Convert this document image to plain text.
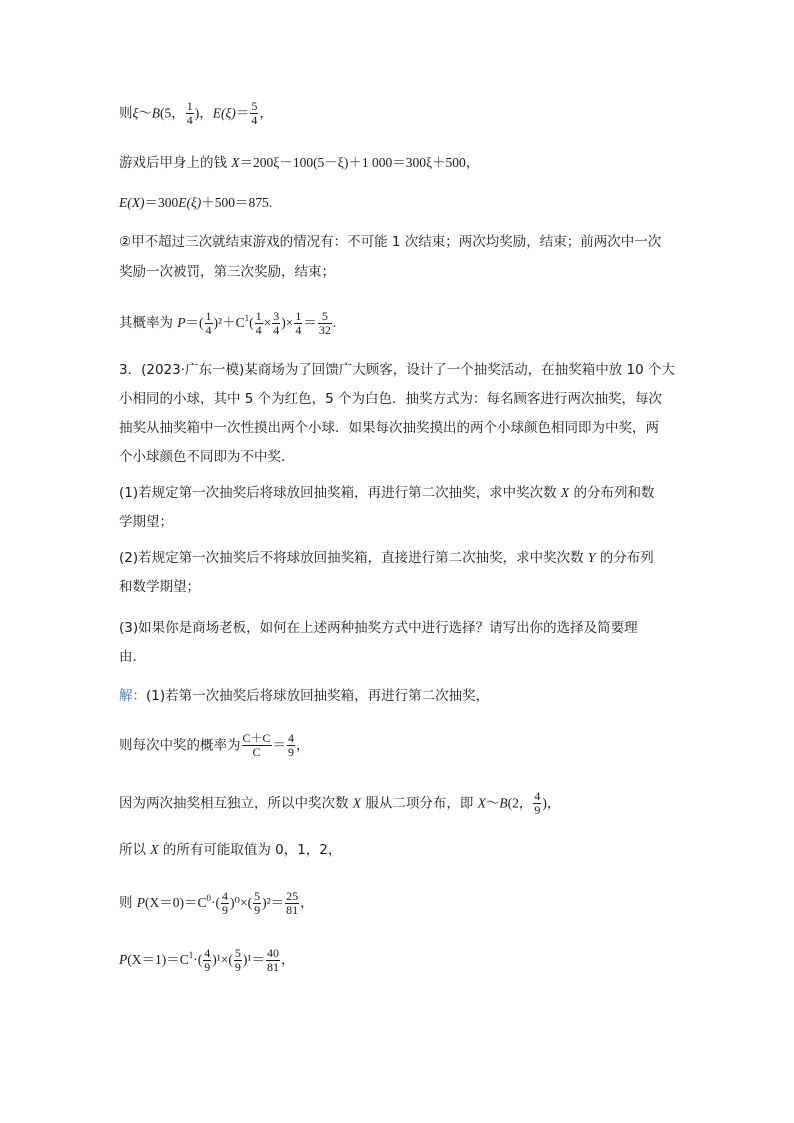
则ξ～B(5， $\frac{1}{4}$ )，$E(\xi)= \frac{5}{4}$ ，
游戏后甲身上的钱 X＝200ξ－100(5－ξ)＋1 000＝300ξ＋500，
E(X)＝300E(ξ)＋500＝875.
②甲不超过三次就结束游戏的情况有：不可能 1 次结束；两次均奖励，结束；前两次中一次
奖励一次被罚，第三次奖励，结束；
其概率为 $P=( \frac{1}{4} )^2+C^1( \frac{1}{4} \times \frac{3}{4}$ )× $\frac{1}{4} = \frac{5}{32}$ .
3．(2023·广东一模)某商场为了回馈广大顾客，设计了一个抽奖活动，在抽奖箱中放 10 个大
小相同的小球，其中 5 个为红色，5 个为白色．抽奖方式为：每名顾客进行两次抽奖，每次
抽奖从抽奖箱中一次性摸出两个小球．如果每次抽奖摸出的两个小球颜色相同即为中奖，两
个小球颜色不同即为不中奖．
(1)若规定第一次抽奖后将球放回抽奖箱，再进行第二次抽奖，求中奖次数 X 的分布列和数
学期望；
(2)若规定第一次抽奖后不将球放回抽奖箱，直接进行第二次抽奖，求中奖次数 Y 的分布列
和数学期望；
(3)如果你是商场老板，如何在上述两种抽奖方式中进行选择？请写出你的选择及简要理
由．
解：(1)若第一次抽奖后将球放回抽奖箱，再进行第二次抽奖，
则每次中奖的概率为 $\frac{C+C}{C} = \frac{4}{9}$ ，
因为两次抽奖相互独立，所以中奖次数 X 服从二项分布，即 X～B(2， $\frac{4}{9}$ )，
所以 X 的所有可能取值为 0，1，2，
则 $P(X=0)=C^0\cdot( \frac{4}{9} )^0\times( \frac{5}{9} )^2= \frac{25}{81}$ ，
$P(X=1)=C^1\cdot( \frac{4}{9} )^1\times( \frac{5}{9} )^1= \frac{40}{81}$ ，
